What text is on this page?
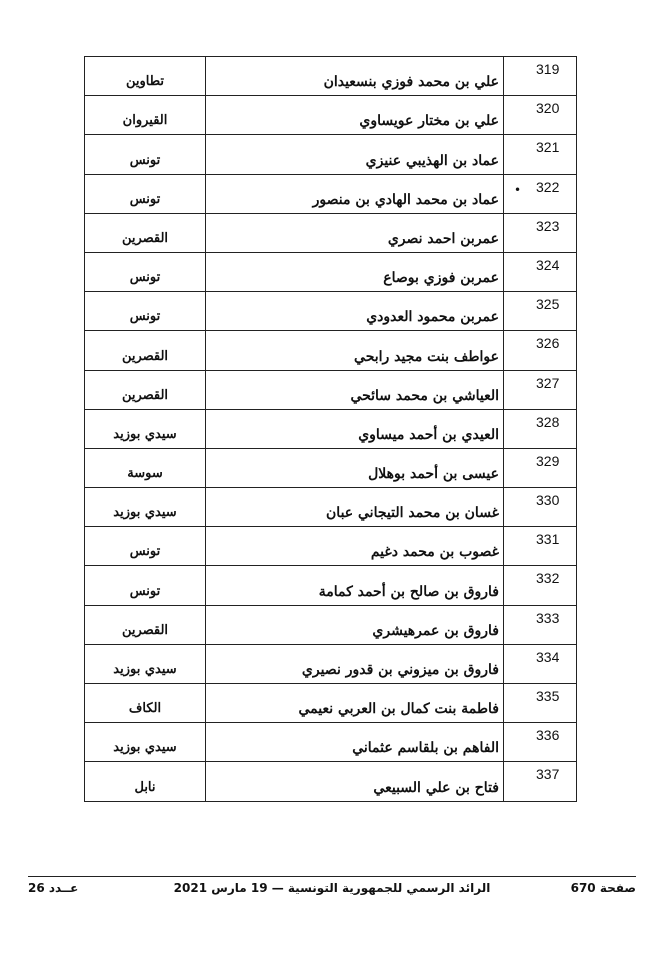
319
علي بن محمد فوزي بنسعيدان
تطاوين
320
علي بن مختار عويساوي
القيروان
321
عماد بن الهذيبي عنيزي
تونس
• 322
عماد بن محمد الهادي بن منصور
تونس
323
عمربن احمد نصري
القصرين
324
عمربن فوزي بوصاع
تونس
325
عمربن محمود العدودي
تونس
326
عواطف بنت مجيد رابحي
القصرين
327
العياشي بن محمد سائحي
القصرين
328
العيدي بن أحمد ميساوي
سيدي بوزيد
329
عيسى بن أحمد بوهلال
سوسة
330
غسان بن محمد التيجاني عبان
سيدي بوزيد
331
غصوب بن محمد دغيم
تونس
332
فاروق بن صالح بن أحمد كمامة
تونس
333
فاروق بن عمرهيشري
القصرين
334
فاروق بن ميزوني بن قدور نصيري
سيدي بوزيد
335
فاطمة بنت كمال بن العربي نعيمي
الكاف
336
الفاهم بن بلقاسم عثماني
سيدي بوزيد
337
فتاح بن علي السبيعي
نابل
صفحة 670
الرائد الرسمي للجمهورية التونسية — 19 مارس 2021
عــدد 26
